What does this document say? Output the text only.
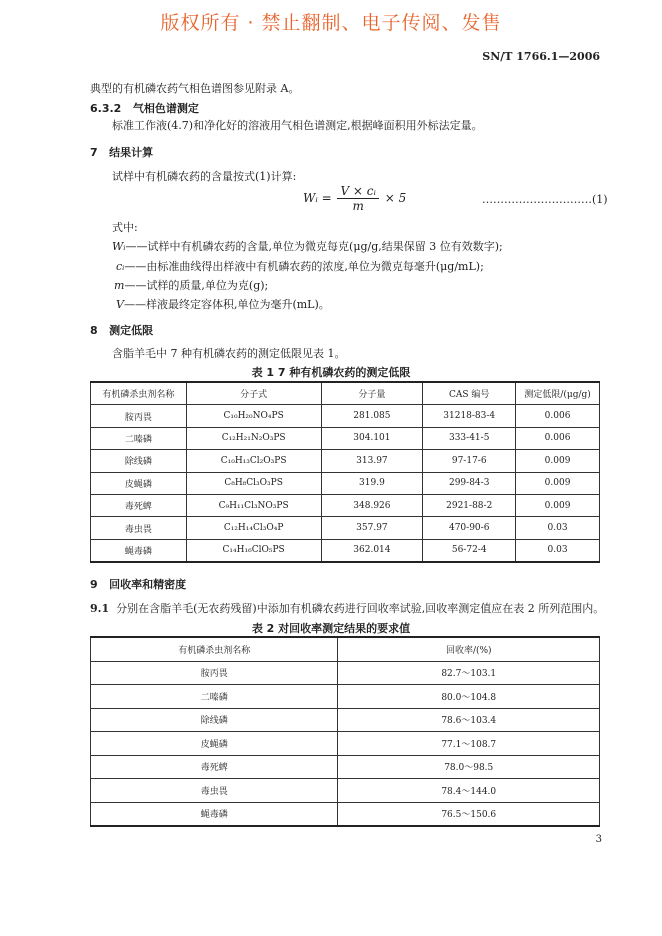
版权所有 · 禁止翻制、电子传阅、发售
SN/T 1766.1—2006
典型的有机磷农药气相色谱图参见附录 A。
6.3.2 气相色谱测定
标准工作液(4.7)和净化好的溶液用气相色谱测定,根据峰面积用外标法定量。
7 结果计算
试样中有机磷农药的含量按式(1)计算:
Wᵢ = $\frac{\text{V × cᵢ}}{m} \times 5$	…………………………(1)
式中:
Wᵢ——试样中有机磷农药的含量,单位为微克每克(μg/g,结果保留 3 位有效数字);
cᵢ——由标准曲线得出样液中有机磷农药的浓度,单位为微克每毫升(μg/mL);
m——试样的质量,单位为克(g);
V——样液最终定容体积,单位为毫升(mL)。
8 测定低限
含脂羊毛中 7 种有机磷农药的测定低限见表 1。
表 1 7 种有机磷农药的测定低限
有机磷杀虫剂名称	分子式	分子量	CAS 编号	测定低限/(μg/g)
胺丙畏	C₁₀H₂₀NO₄PS	281.085	31218-83-4	0.006
二嗪磷	C₁₂H₂₁N₂O₃PS	304.101	333-41-5	0.006
除线磷	C₁₀H₁₃Cl₂O₃PS	313.97	97-17-6	0.009
皮蝇磷	C₈H₈Cl₃O₃PS	319.9	299-84-3	0.009
毒死蜱	C₉H₁₁Cl₃NO₃PS	348.926	2921-88-2	0.009
毒虫畏	C₁₂H₁₄Cl₃O₄P	357.97	470-90-6	0.03
蝇毒磷	C₁₄H₁₆ClO₅PS	362.014	56-72-4	0.03
9 回收率和精密度
9.1 分别在含脂羊毛(无农药残留)中添加有机磷农药进行回收率试验,回收率测定值应在表 2 所列范围内。
表 2 对回收率测定结果的要求值
有机磷杀虫剂名称	回收率/(%)
胺丙畏	82.7～103.1
二嗪磷	80.0～104.8
除线磷	78.6～103.4
皮蝇磷	77.1～108.7
毒死蜱	78.0～98.5
毒虫畏	78.4～144.0
蝇毒磷	76.5～150.6
3
